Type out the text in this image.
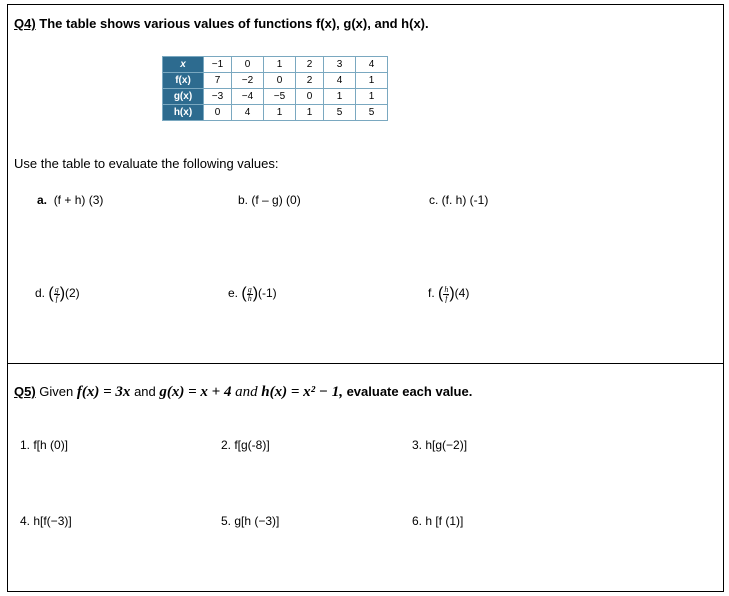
Q4) The table shows various values of functions f(x), g(x), and h(x).
x	−1	0	1	2	3	4
f(x)	7	−2	0	2	4	1
g(x)	−3	−4	−5	0	1	1
h(x)	0	4	1	1	5	5
Use the table to evaluate the following values:
a. (f + h) (3)	b. (f – g) (0)	c. (f. h) (-1)
d. ( $\frac{g}{f} )(2)$	e. ( $\frac{g}{h} )(-1)$	f. ( $\frac{h}{f} )(4)$
Q5) Given f(x) = 3x and g(x) = x + 4 and h(x) = x² − 1, evaluate each value.
1. f[h (0)]	2. f[g(-8)]	3. h[g(−2)]
4. h[f(−3)]	5. g[h (−3)]	6. h [f (1)]
